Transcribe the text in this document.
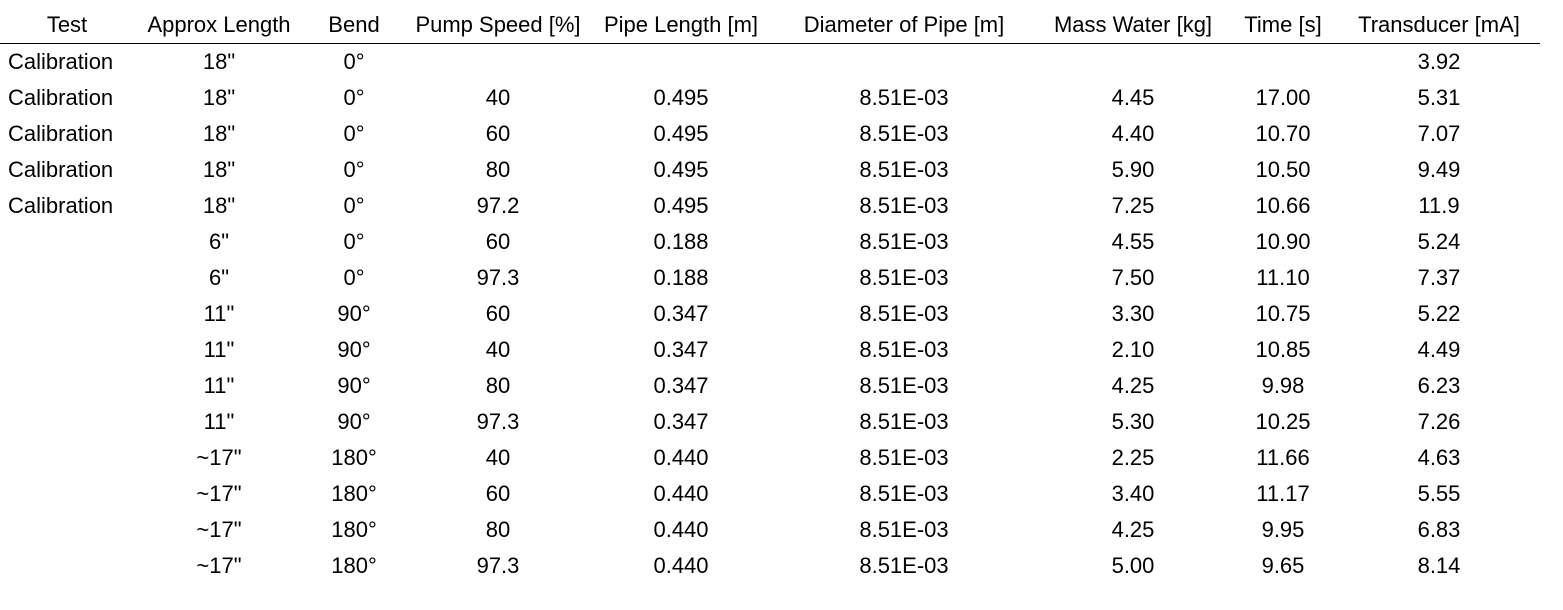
Test	Approx Length	Bend	Pump Speed [%]	Pipe Length [m]	Diameter of Pipe [m]	Mass Water [kg]	Time [s]	Transducer [mA]
Calibration	18"	0°						3.92
Calibration	18"	0°	40	0.495	8.51E-03	4.45	17.00	5.31
Calibration	18"	0°	60	0.495	8.51E-03	4.40	10.70	7.07
Calibration	18"	0°	80	0.495	8.51E-03	5.90	10.50	9.49
Calibration	18"	0°	97.2	0.495	8.51E-03	7.25	10.66	11.9
	6"	0°	60	0.188	8.51E-03	4.55	10.90	5.24
	6"	0°	97.3	0.188	8.51E-03	7.50	11.10	7.37
	11"	90°	60	0.347	8.51E-03	3.30	10.75	5.22
	11"	90°	40	0.347	8.51E-03	2.10	10.85	4.49
	11"	90°	80	0.347	8.51E-03	4.25	9.98	6.23
	11"	90°	97.3	0.347	8.51E-03	5.30	10.25	7.26
	~17"	180°	40	0.440	8.51E-03	2.25	11.66	4.63
	~17"	180°	60	0.440	8.51E-03	3.40	11.17	5.55
	~17"	180°	80	0.440	8.51E-03	4.25	9.95	6.83
	~17"	180°	97.3	0.440	8.51E-03	5.00	9.65	8.14
